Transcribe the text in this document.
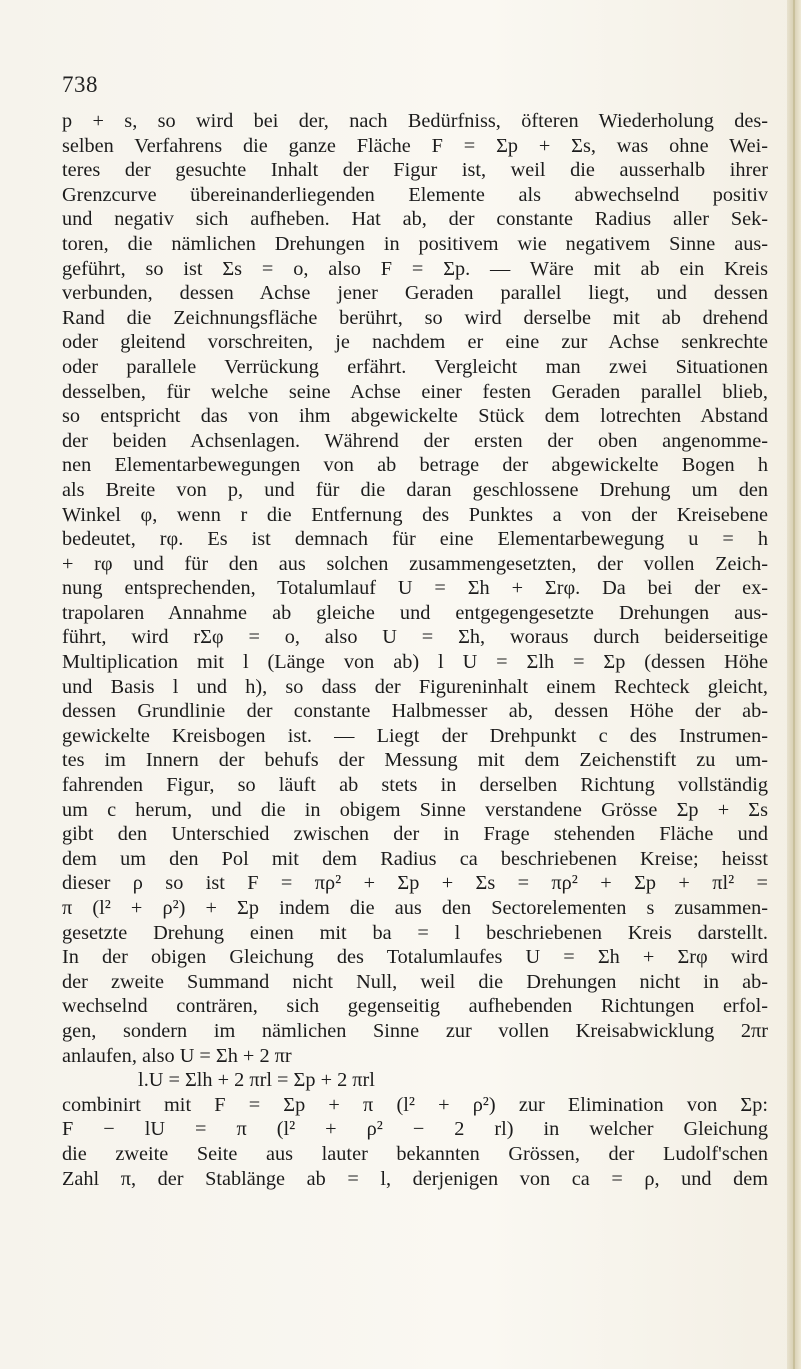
738
p + s, so wird bei der, nach Bedürfniss, öfteren Wiederholung des-
selben Verfahrens die ganze Fläche F = Σp + Σs, was ohne Wei-
teres der gesuchte Inhalt der Figur ist, weil die ausserhalb ihrer
Grenzcurve übereinanderliegenden Elemente als abwechselnd positiv
und negativ sich aufheben. Hat ab, der constante Radius aller Sek-
toren, die nämlichen Drehungen in positivem wie negativem Sinne aus-
geführt, so ist Σs = o, also F = Σp. — Wäre mit ab ein Kreis
verbunden, dessen Achse jener Geraden parallel liegt, und dessen
Rand die Zeichnungsfläche berührt, so wird derselbe mit ab drehend
oder gleitend vorschreiten, je nachdem er eine zur Achse senkrechte
oder parallele Verrückung erfährt. Vergleicht man zwei Situationen
desselben, für welche seine Achse einer festen Geraden parallel blieb,
so entspricht das von ihm abgewickelte Stück dem lotrechten Abstand
der beiden Achsenlagen. Während der ersten der oben angenomme-
nen Elementarbewegungen von ab betrage der abgewickelte Bogen h
als Breite von p, und für die daran geschlossene Drehung um den
Winkel φ, wenn r die Entfernung des Punktes a von der Kreisebene
bedeutet, rφ. Es ist demnach für eine Elementarbewegung u = h
+ rφ und für den aus solchen zusammengesetzten, der vollen Zeich-
nung entsprechenden, Totalumlauf U = Σh + Σrφ. Da bei der ex-
trapolaren Annahme ab gleiche und entgegengesetzte Drehungen aus-
führt, wird rΣφ = o, also U = Σh, woraus durch beiderseitige
Multiplication mit l (Länge von ab) l U = Σlh = Σp (dessen Höhe
und Basis l und h), so dass der Figureninhalt einem Rechteck gleicht,
dessen Grundlinie der constante Halbmesser ab, dessen Höhe der ab-
gewickelte Kreisbogen ist. — Liegt der Drehpunkt c des Instrumen-
tes im Innern der behufs der Messung mit dem Zeichenstift zu um-
fahrenden Figur, so läuft ab stets in derselben Richtung vollständig
um c herum, und die in obigem Sinne verstandene Grösse Σp + Σs
gibt den Unterschied zwischen der in Frage stehenden Fläche und
dem um den Pol mit dem Radius ca beschriebenen Kreise; heisst
dieser ρ so ist F = πρ² + Σp + Σs = πρ² + Σp + πl² =
π (l² + ρ²) + Σp indem die aus den Sectorelementen s zusammen-
gesetzte Drehung einen mit ba = l beschriebenen Kreis darstellt.
In der obigen Gleichung des Totalumlaufes U = Σh + Σrφ wird
der zweite Summand nicht Null, weil die Drehungen nicht in ab-
wechselnd conträren, sich gegenseitig aufhebenden Richtungen erfol-
gen, sondern im nämlichen Sinne zur vollen Kreisabwicklung 2πr
anlaufen, also U = Σh + 2 πr
l.U = Σlh + 2 πrl = Σp + 2 πrl
combinirt mit F = Σp + π (l² + ρ²) zur Elimination von Σp:
F − lU = π (l² + ρ² − 2 rl) in welcher Gleichung
die zweite Seite aus lauter bekannten Grössen, der Ludolf'schen
Zahl π, der Stablänge ab = l, derjenigen von ca = ρ, und dem
